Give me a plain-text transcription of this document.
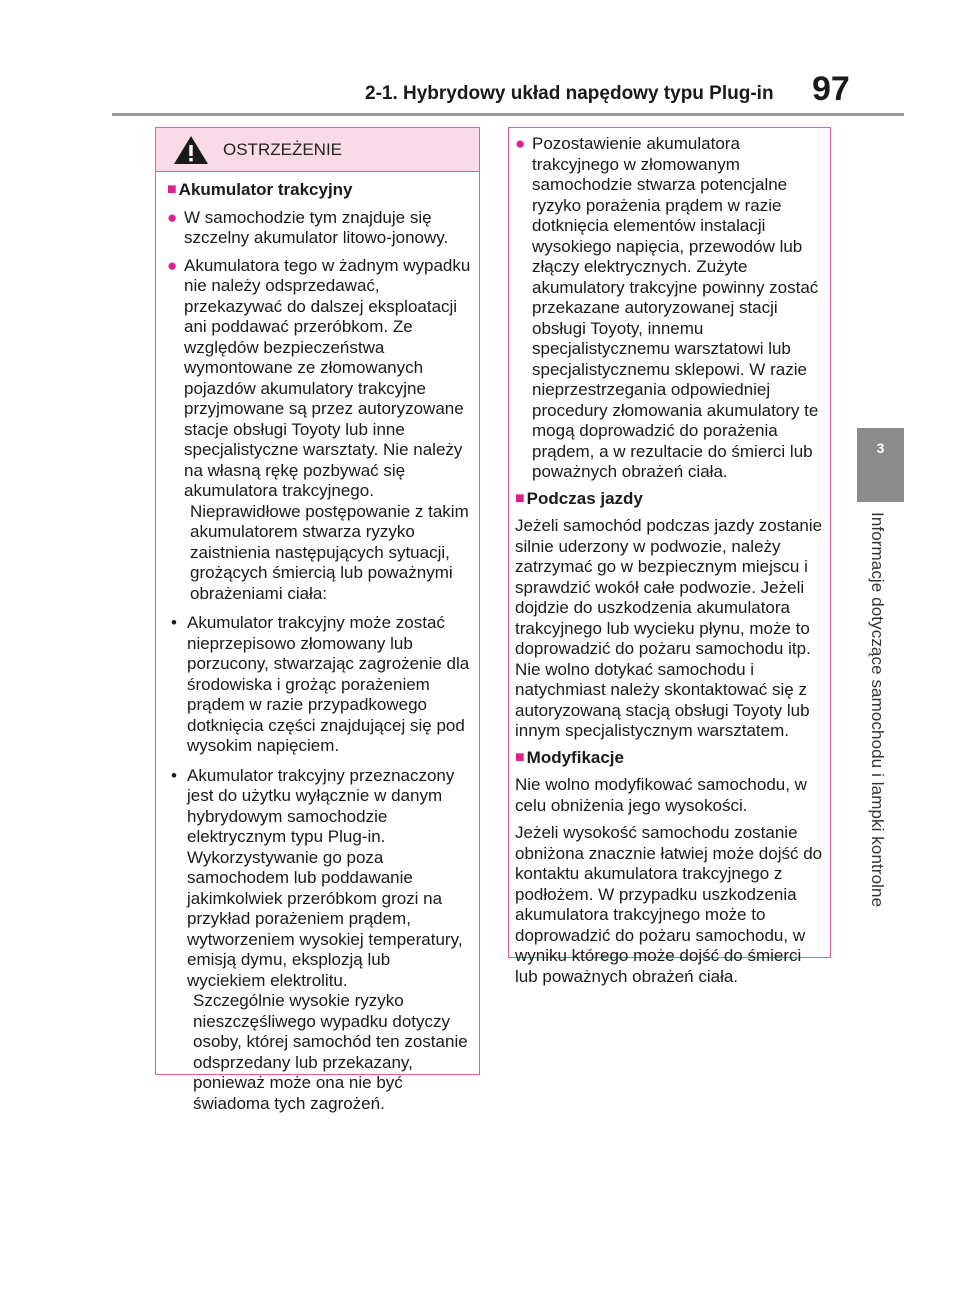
2-1. Hybrydowy układ napędowy typu Plug-in 97
3
Informacje dotyczące samochodu i lampki kontrolne
OSTRZEŻENIE
■ Akumulator trakcyjny
● W samochodzie tym znajduje się szczelny akumulator litowo-jonowy.
● Akumulatora tego w żadnym wypadku nie należy odsprzedawać, przekazywać do dalszej eksploatacji ani poddawać przeróbkom. Ze względów bezpieczeństwa wymontowane ze złomowanych pojazdów akumulatory trakcyjne przyjmowane są przez autoryzowane stacje obsługi Toyoty lub inne specjalistyczne warsztaty. Nie należy na własną rękę pozbywać się akumulatora trakcyjnego.
Nieprawidłowe postępowanie z takim akumulatorem stwarza ryzyko zaistnienia następujących sytuacji, grożących śmiercią lub poważnymi obrażeniami ciała:
• Akumulator trakcyjny może zostać nieprzepisowo złomowany lub porzucony, stwarzając zagrożenie dla środowiska i grożąc porażeniem prądem w razie przypadkowego dotknięcia części znajdującej się pod wysokim napięciem.
• Akumulator trakcyjny przeznaczony jest do użytku wyłącznie w danym hybrydowym samochodzie elektrycznym typu Plug-in. Wykorzystywanie go poza samochodem lub poddawanie jakimkolwiek przeróbkom grozi na przykład porażeniem prądem, wytworzeniem wysokiej temperatury, emisją dymu, eksplozją lub wyciekiem elektrolitu.
Szczególnie wysokie ryzyko nieszczęśliwego wypadku dotyczy osoby, której samochód ten zostanie odsprzedany lub przekazany, ponieważ może ona nie być świadoma tych zagrożeń.
● Pozostawienie akumulatora trakcyjnego w złomowanym samochodzie stwarza potencjalne ryzyko porażenia prądem w razie dotknięcia elementów instalacji wysokiego napięcia, przewodów lub złączy elektrycznych. Zużyte akumulatory trakcyjne powinny zostać przekazane autoryzowanej stacji obsługi Toyoty, innemu specjalistycznemu warsztatowi lub specjalistycznemu sklepowi. W razie nieprzestrzegania odpowiedniej procedury złomowania akumulatory te mogą doprowadzić do porażenia prądem, a w rezultacie do śmierci lub poważnych obrażeń ciała.
■ Podczas jazdy
Jeżeli samochód podczas jazdy zostanie silnie uderzony w podwozie, należy zatrzymać go w bezpiecznym miejscu i sprawdzić wokół całe podwozie. Jeżeli dojdzie do uszkodzenia akumulatora trakcyjnego lub wycieku płynu, może to doprowadzić do pożaru samochodu itp. Nie wolno dotykać samochodu i natychmiast należy skontaktować się z autoryzowaną stacją obsługi Toyoty lub innym specjalistycznym warsztatem.
■ Modyfikacje
Nie wolno modyfikować samochodu, w celu obniżenia jego wysokości.
Jeżeli wysokość samochodu zostanie obniżona znacznie łatwiej może dojść do kontaktu akumulatora trakcyjnego z podłożem. W przypadku uszkodzenia akumulatora trakcyjnego może to doprowadzić do pożaru samochodu, w wyniku którego może dojść do śmierci lub poważnych obrażeń ciała.
